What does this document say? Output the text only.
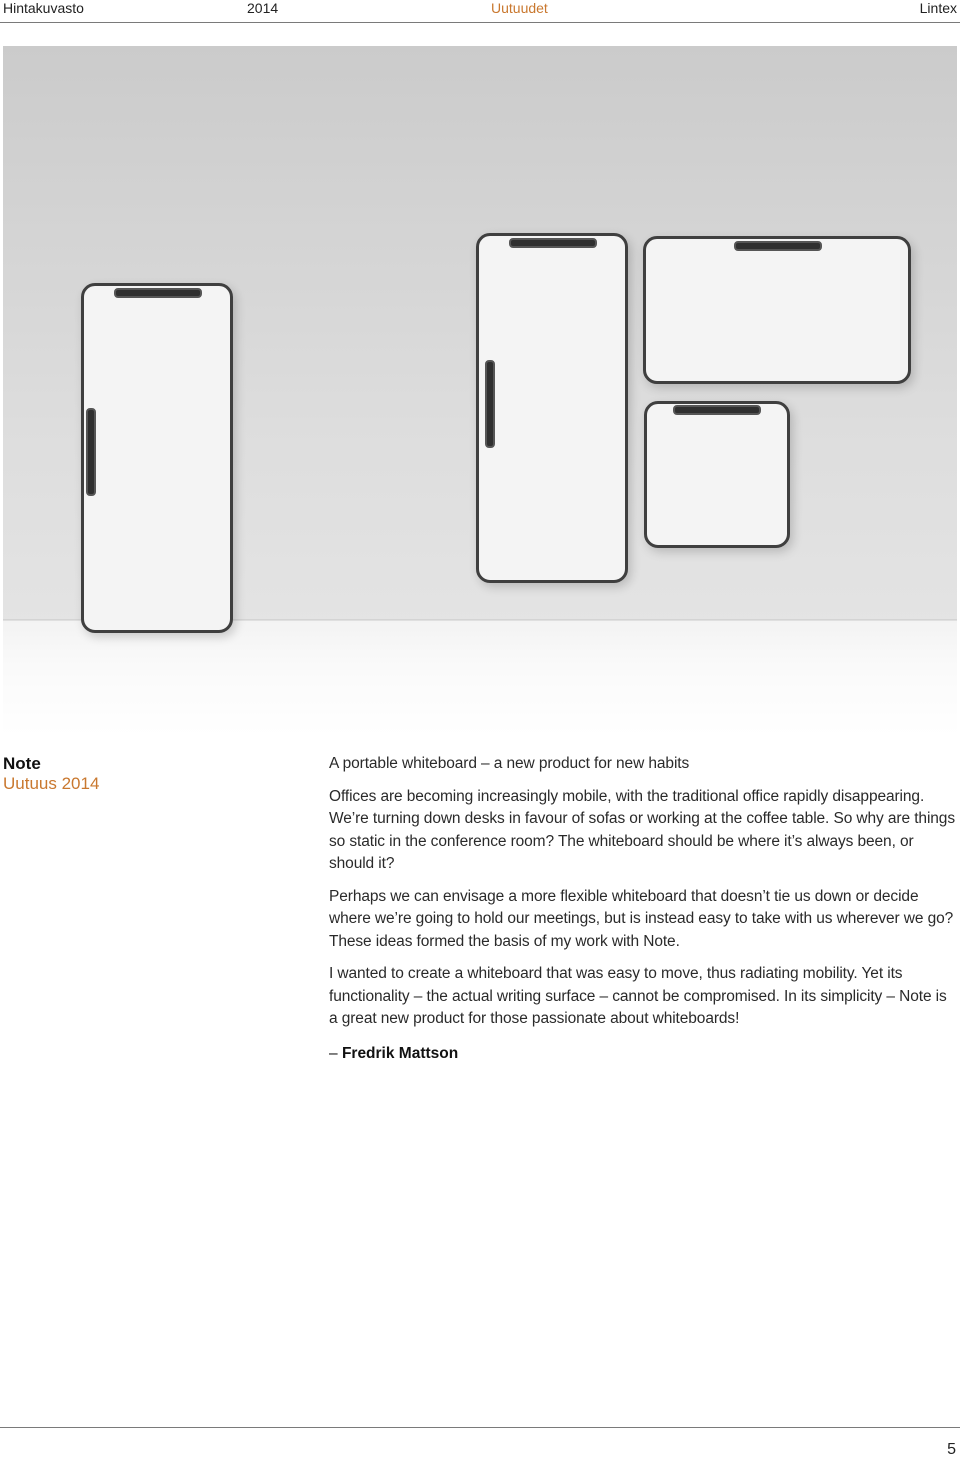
Hintakuvasto	2014	Uutuudet	Lintex
Note
Uutuus 2014

A portable whiteboard – a new product for new habits

Offices are becoming increasingly mobile, with the traditional office rapidly disappearing. We’re turning down desks in favour of sofas or working at the coffee table. So why are things so static in the conference room? The whiteboard should be where it’s always been, or should it?

Perhaps we can envisage a more flexible whiteboard that doesn’t tie us down or decide where we’re going to hold our meetings, but is instead easy to take with us wherever we go? These ideas formed the basis of my work with Note.

I wanted to create a whiteboard that was easy to move, thus radiating mobility. Yet its functionality – the actual writing surface – cannot be compromised. In its simplicity – Note is a great new product for those passionate about whiteboards!

– Fredrik Mattson
5
